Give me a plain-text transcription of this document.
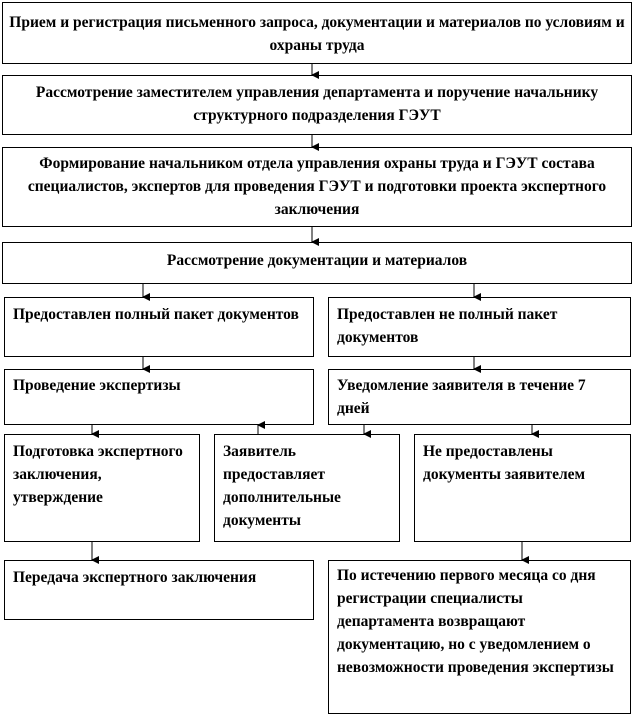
Прием и регистрация письменного запроса, документации и материалов по условиям и охраны труда
Рассмотрение заместителем управления департамента и поручение начальнику структурного подразделения ГЭУТ
Формирование начальником отдела управления охраны труда и ГЭУТ состава специалистов, экспертов для проведения ГЭУТ и подготовки проекта экспертного заключения
Рассмотрение документации и материалов
Предоставлен полный пакет документов	Предоставлен не полный пакет документов
Проведение экспертизы	Уведомление заявителя в течение 7 дней
Подготовка экспертного заключения, утверждение
Заявитель предоставляет дополнительные документы
Не предоставлены документы заявителем
Передача экспертного заключения	По истечению первого месяца со дня регистрации специалисты департамента возвращают документацию, но с уведомлением о невозможности проведения экспертизы
